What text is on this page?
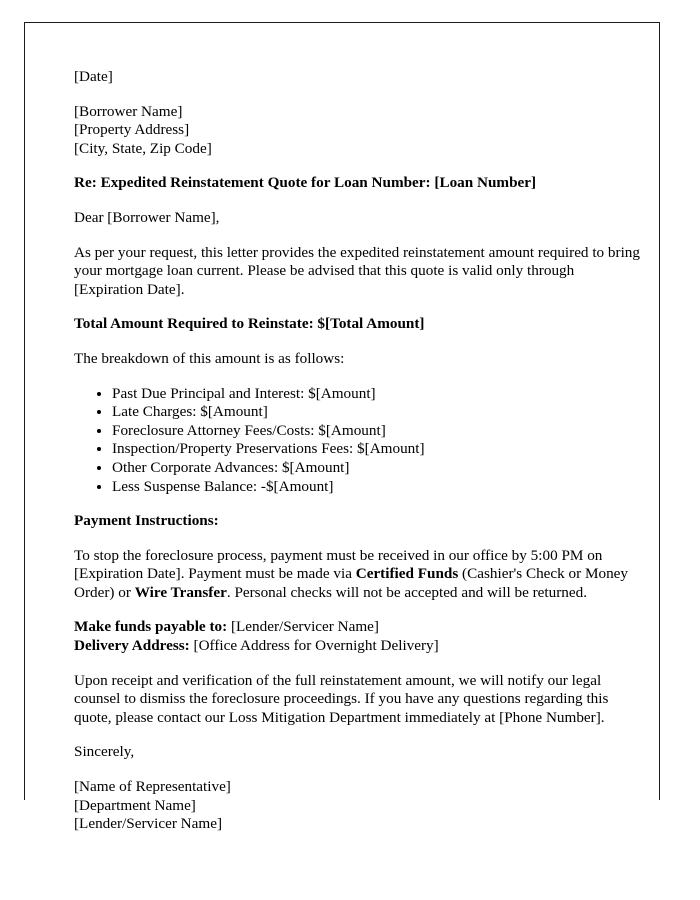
[Date]

[Borrower Name]
[Property Address]
[City, State, Zip Code]

Re: Expedited Reinstatement Quote for Loan Number: [Loan Number]

Dear [Borrower Name],

As per your request, this letter provides the expedited reinstatement amount required to bring your mortgage loan current. Please be advised that this quote is valid only through [Expiration Date].

Total Amount Required to Reinstate: $[Total Amount]

The breakdown of this amount is as follows:

• Past Due Principal and Interest: $[Amount]
• Late Charges: $[Amount]
• Foreclosure Attorney Fees/Costs: $[Amount]
• Inspection/Property Preservations Fees: $[Amount]
• Other Corporate Advances: $[Amount]
• Less Suspense Balance: -$[Amount]

Payment Instructions:

To stop the foreclosure process, payment must be received in our office by 5:00 PM on [Expiration Date]. Payment must be made via Certified Funds (Cashier's Check or Money Order) or Wire Transfer. Personal checks will not be accepted and will be returned.

Make funds payable to: [Lender/Servicer Name]
Delivery Address: [Office Address for Overnight Delivery]

Upon receipt and verification of the full reinstatement amount, we will notify our legal counsel to dismiss the foreclosure proceedings. If you have any questions regarding this quote, please contact our Loss Mitigation Department immediately at [Phone Number].

Sincerely,

[Name of Representative]
[Department Name]
[Lender/Servicer Name]
